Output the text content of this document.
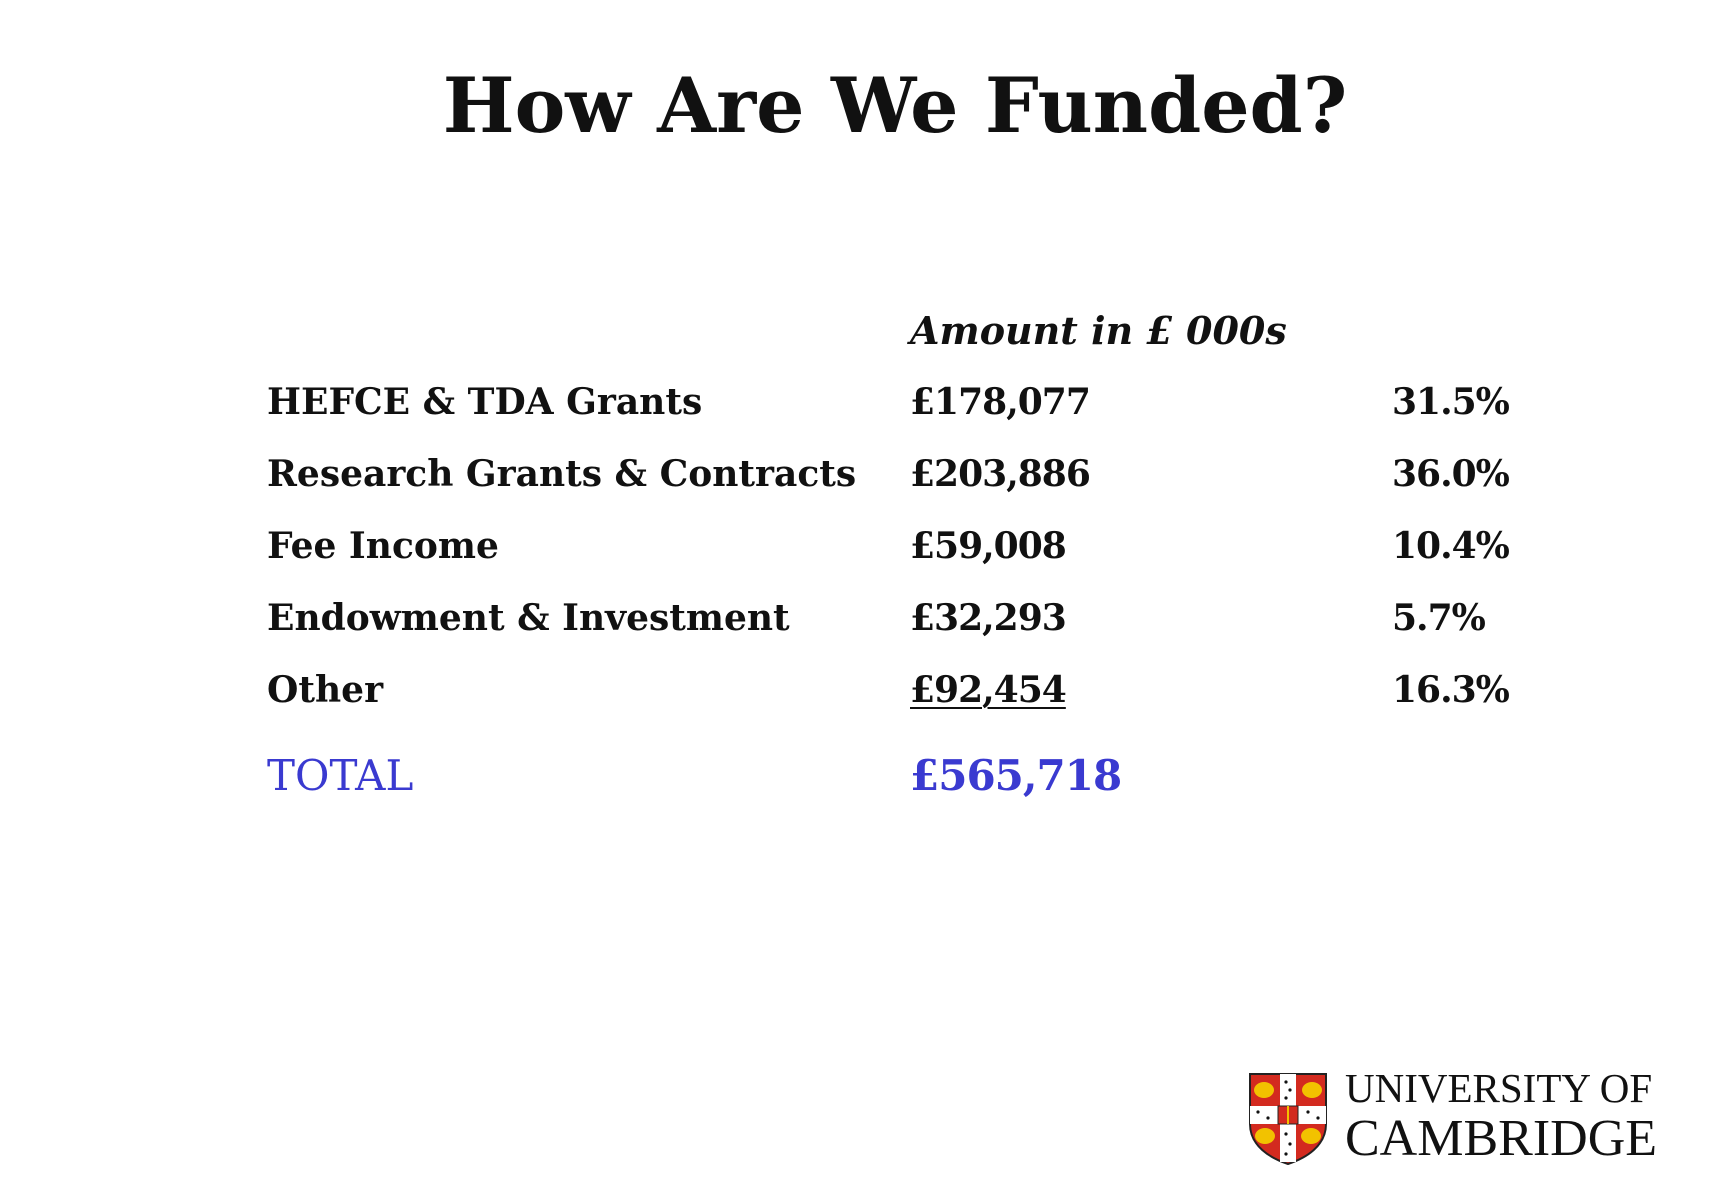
How Are We Funded?
Amount in £ 000s
HEFCE & TDA Grants	£178,077	31.5%
Research Grants & Contracts £203,886	36.0%
Fee Income	£59,008	10.4%
Endowment & Investment	£32,293	5.7%
Other	£92,454	16.3%
TOTAL	£565,718
UNIVERSITY OF
CAMBRIDGE
